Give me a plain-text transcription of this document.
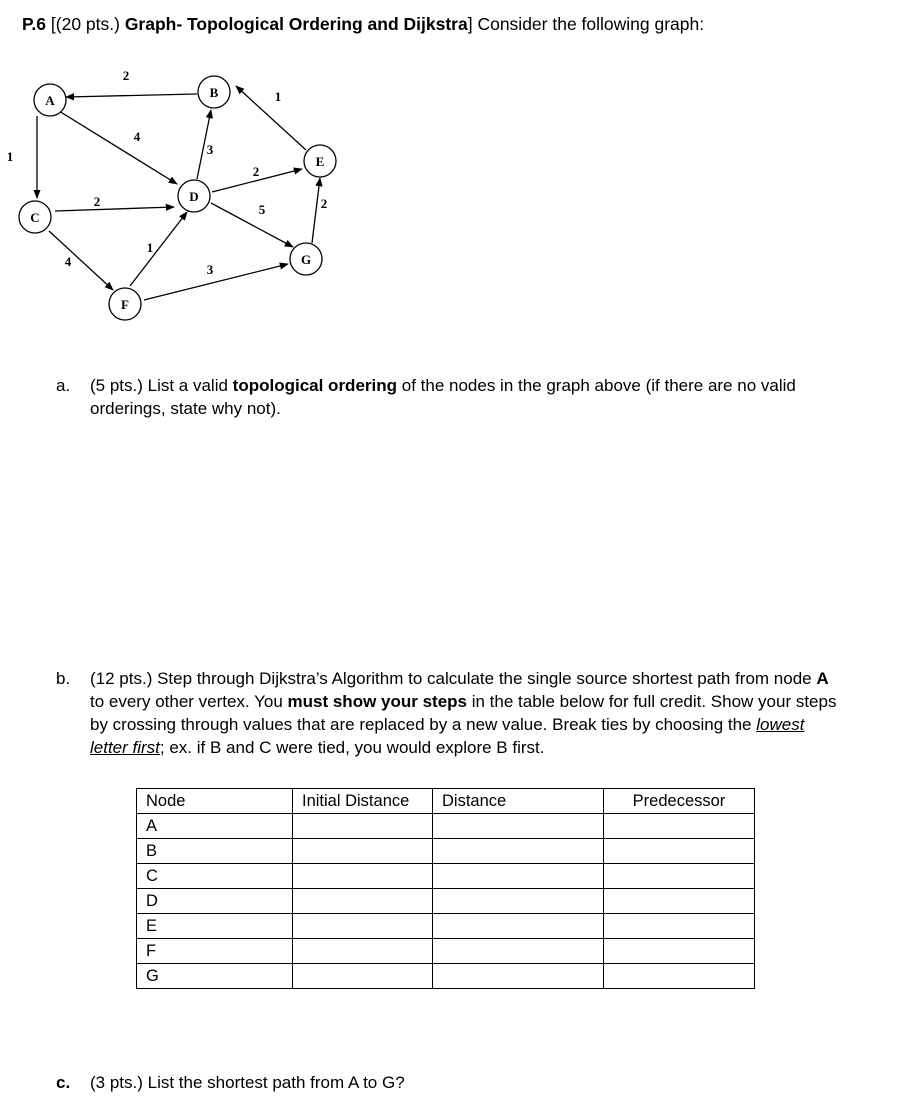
P.6 [(20 pts.) Graph- Topological Ordering and Dijkstra] Consider the following graph:
A
B
C
D
E
F
G
2
1
4
3
1
2
4
1
2
5	2
3
a. (5 pts.) List a valid topological ordering of the nodes in the graph above (if there are no valid
orderings, state why not).
b. (12 pts.) Step through Dijkstra’s Algorithm to calculate the single source shortest path from node A
to every other vertex. You must show your steps in the table below for full credit. Show your steps
by crossing through values that are replaced by a new value. Break ties by choosing the lowest
letter first; ex. if B and C were tied, you would explore B first.
Node	Initial Distance	Distance	Predecessor
A			
B			
C			
D			
E			
F			
G			
c. (3 pts.) List the shortest path from A to G?
